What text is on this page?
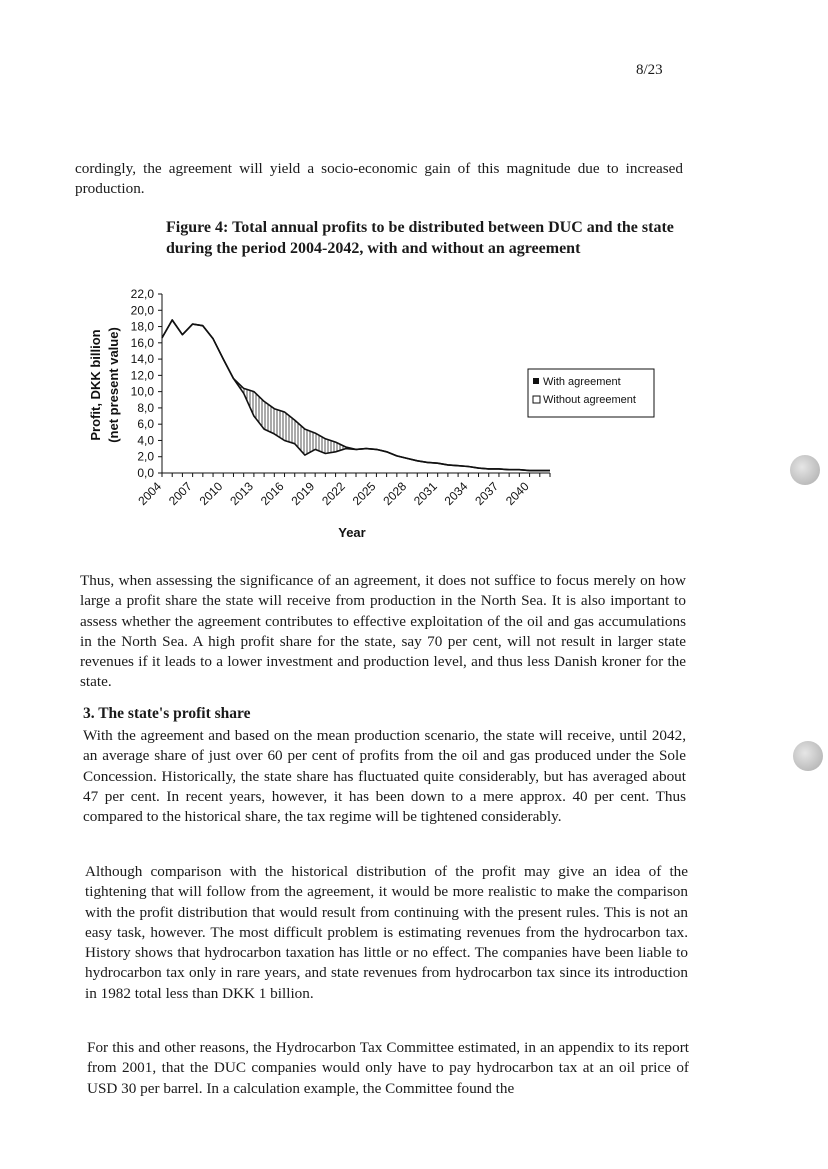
8/23

cordingly, the agreement will yield a socio-economic gain of this magnitude due to increased production.

Figure 4: Total annual profits to be distributed between DUC and the state during the period 2004-2042, with and without an agreement

0,0
2,0
4,0
6,0
8,0
10,0
12,0
14,0
16,0
18,0
20,0
22,0
2004 2007 2010 2013 2016 2019 2022 2025 2028 2031 2034 2037 2040
Year
Profit, DKK billion (net present value)	With agreement
Without agreement
3. The state's profit share

Thus, when assessing the significance of an agreement, it does not suffice to focus merely on how large a profit share the state will receive from production in the North Sea. It is also important to assess whether the agreement contributes to effective exploitation of the oil and gas accumulations in the North Sea. A high profit share for the state, say 70 per cent, will not result in larger state revenues if it leads to a lower investment and production level, and thus less Danish kroner for the state.

With the agreement and based on the mean production scenario, the state will receive, until 2042, an average share of just over 60 per cent of profits from the oil and gas produced under the Sole Concession. Historically, the state share has fluctuated quite considerably, but has averaged about 47 per cent. In recent years, however, it has been down to a mere approx. 40 per cent. Thus compared to the historical share, the tax regime will be tightened considerably.

Although comparison with the historical distribution of the profit may give an idea of the tightening that will follow from the agreement, it would be more realistic to make the comparison with the profit distribution that would result from continuing with the present rules. This is not an easy task, however. The most difficult problem is estimating revenues from the hydrocarbon tax. History shows that hydrocarbon taxation has little or no effect. The companies have been liable to hydrocarbon tax only in rare years, and state revenues from hydrocarbon tax since its introduction in 1982 total less than DKK 1 billion.

For this and other reasons, the Hydrocarbon Tax Committee estimated, in an appendix to its report from 2001, that the DUC companies would only have to pay hydrocarbon tax at an oil price of USD 30 per barrel. In a calculation example, the Committee found the
